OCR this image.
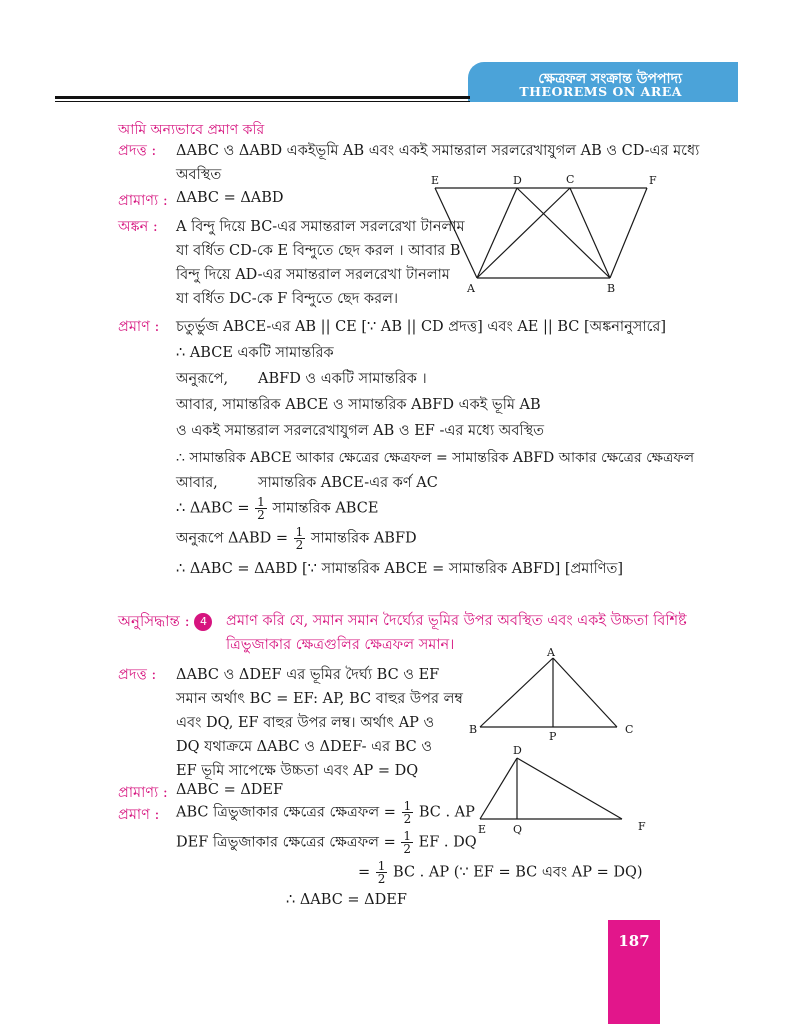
ক্ষেত্রফল সংক্রান্ত উপপাদ্য
THEOREMS ON AREA
আমি অন্যভাবে প্রমাণ করি
প্রদত্ত : ΔABC ও ΔABD একইভূমি AB এবং একই সমান্তরাল সরলরেখাযুগল AB ও CD-এর মধ্যে
অবস্থিত
প্রামাণ্য : ΔABC = ΔABD
অঙ্কন : A বিন্দু দিয়ে BC-এর সমান্তরাল সরলরেখা টানলাম
যা বর্ধিত CD-কে E বিন্দুতে ছেদ করল । আবার B
বিন্দু দিয়ে AD-এর সমান্তরাল সরলরেখা টানলাম
যা বর্ধিত DC-কে F বিন্দুতে ছেদ করল।
E	D	C	F
A	B
প্রমাণ : চতুর্ভুজ ABCE-এর AB || CE [∵ AB || CD প্রদত্ত] এবং AE || BC [অঙ্কনানুসারে]
∴ ABCE একটি সামান্তরিক
অনুরূপে, ABFD ও একটি সামান্তরিক ।
আবার, সামান্তরিক ABCE ও সামান্তরিক ABFD একই ভূমি AB
ও একই সমান্তরাল সরলরেখাযুগল AB ও EF -এর মধ্যে অবস্থিত
∴ সামান্তরিক ABCE আকার ক্ষেত্রের ক্ষেত্রফল = সামান্তরিক ABFD আকার ক্ষেত্রের ক্ষেত্রফল
আবার,	সামান্তরিক ABCE-এর কর্ণ AC
∴ $\Delta ABC = \frac{1}{2}$ সামান্তরিক ABCE
অনুরূপে $\Delta ABD = \frac{1}{2}$ সামান্তরিক ABFD
∴ ΔABC = ΔABD [∵ সামান্তরিক ABCE = সামান্তরিক ABFD] [প্রমাণিত]
অনুসিদ্ধান্ত : 4	প্রমাণ করি যে, সমান সমান দৈর্ঘ্যের ভূমির উপর অবস্থিত এবং একই উচ্চতা বিশিষ্ট
ত্রিভুজাকার ক্ষেত্রগুলির ক্ষেত্রফল সমান।
প্রদত্ত : ΔABC ও ΔDEF এর ভূমির দৈর্ঘ্য BC ও EF
সমান অর্থাৎ BC = EF: AP, BC বাহুর উপর লম্ব
এবং DQ, EF বাহুর উপর লম্ব। অর্থাৎ AP ও
DQ যথাক্রমে ΔABC ও ΔDEF- এর BC ও
EF ভূমি সাপেক্ষে উচ্চতা এবং AP = DQ
প্রামাণ্য : ΔABC = ΔDEF
প্রমাণ : ABC ত্রিভুজাকার ক্ষেত্রের ক্ষেত্রফল = $\frac{1}{2}$ BC . AP
DEF ত্রিভুজাকার ক্ষেত্রের ক্ষেত্রফল = $\frac{1}{2}$ EF . DQ
= $\frac{1}{2}$ BC . AP (∵ EF = BC এবং AP = DQ)
∴ ΔABC = ΔDEF
A
B
P
C
D
E Q	F
187
